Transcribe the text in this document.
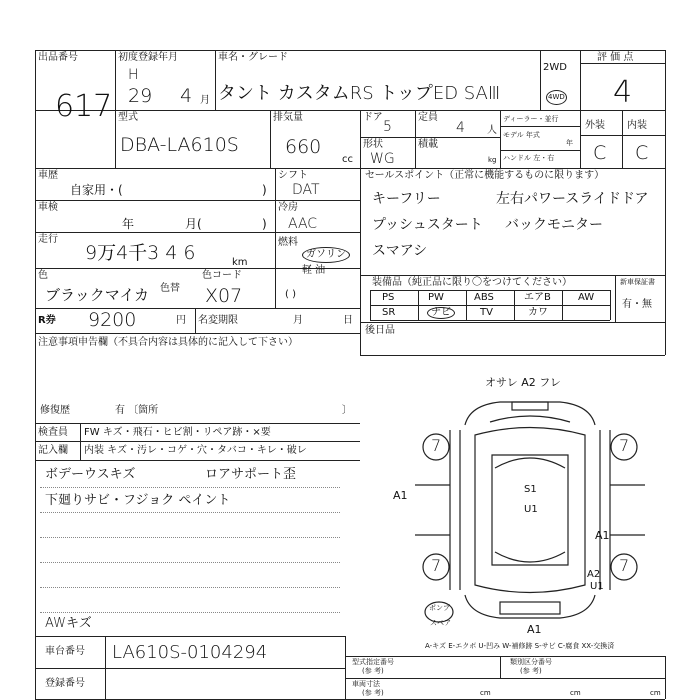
出品番号
617
初度登録年月
H
29 4 月
車名・グレード
タント カスタムRS トップED SAⅢ
2WD
4WD
評 価 点
4
型式
DBA-LA610S
排気量
660
cc
ドア
5
形状
WG
定員
4 人
積載
kg
ディーラー・並行
モデル 年式
年
ハンドル 左・右
外装 内装
C C
車歴
自家用・(	)
車検
年	月(	)
走行
9万4千3 4 6	km
色
ブラックマイカ 色替
色コード
X07
R券 9200	円 名変期限	月	日
注意事項申告欄（不具合内容は具体的に記入して下さい）
修復歴	有 〔箇所	〕
シフト
DAT
冷房
AAC
燃料
ガソリン
軽 油
( )
セールスポイント（正常に機能するものに限ります）
キーフリー	左右パワースライドドア
プッシュスタート バックモニター
スマアシ
装備品（純正品に限り〇をつけてください）
PS	PW	ABS	エアB	AW
SR	ナビ	TV	カワ
新車保証書
有・無
後日品
検査員 FW キズ・飛石・ヒビ割・リペア跡・×要
記入欄 内装 キズ・汚レ・コゲ・穴・タバコ・キレ・破レ
ボデーウスキズ	ロアサポート歪
下廻りサビ・フジョク ペイント
AWキズ
オサレ A2 フレ
7	7
7	7
A1	S1
U1
A1
A2
U1
A1
ポンプ
スペア
A-キズ E-エクボ U-凹み W-補修跡 S-サビ C-腐食 XX-交換済
車台番号 LA610S-0104294
登録番号
型式指定番号
(参 考)
類別区分番号
(参 考)
車両寸法
(参 考)	cm	cm	cm
